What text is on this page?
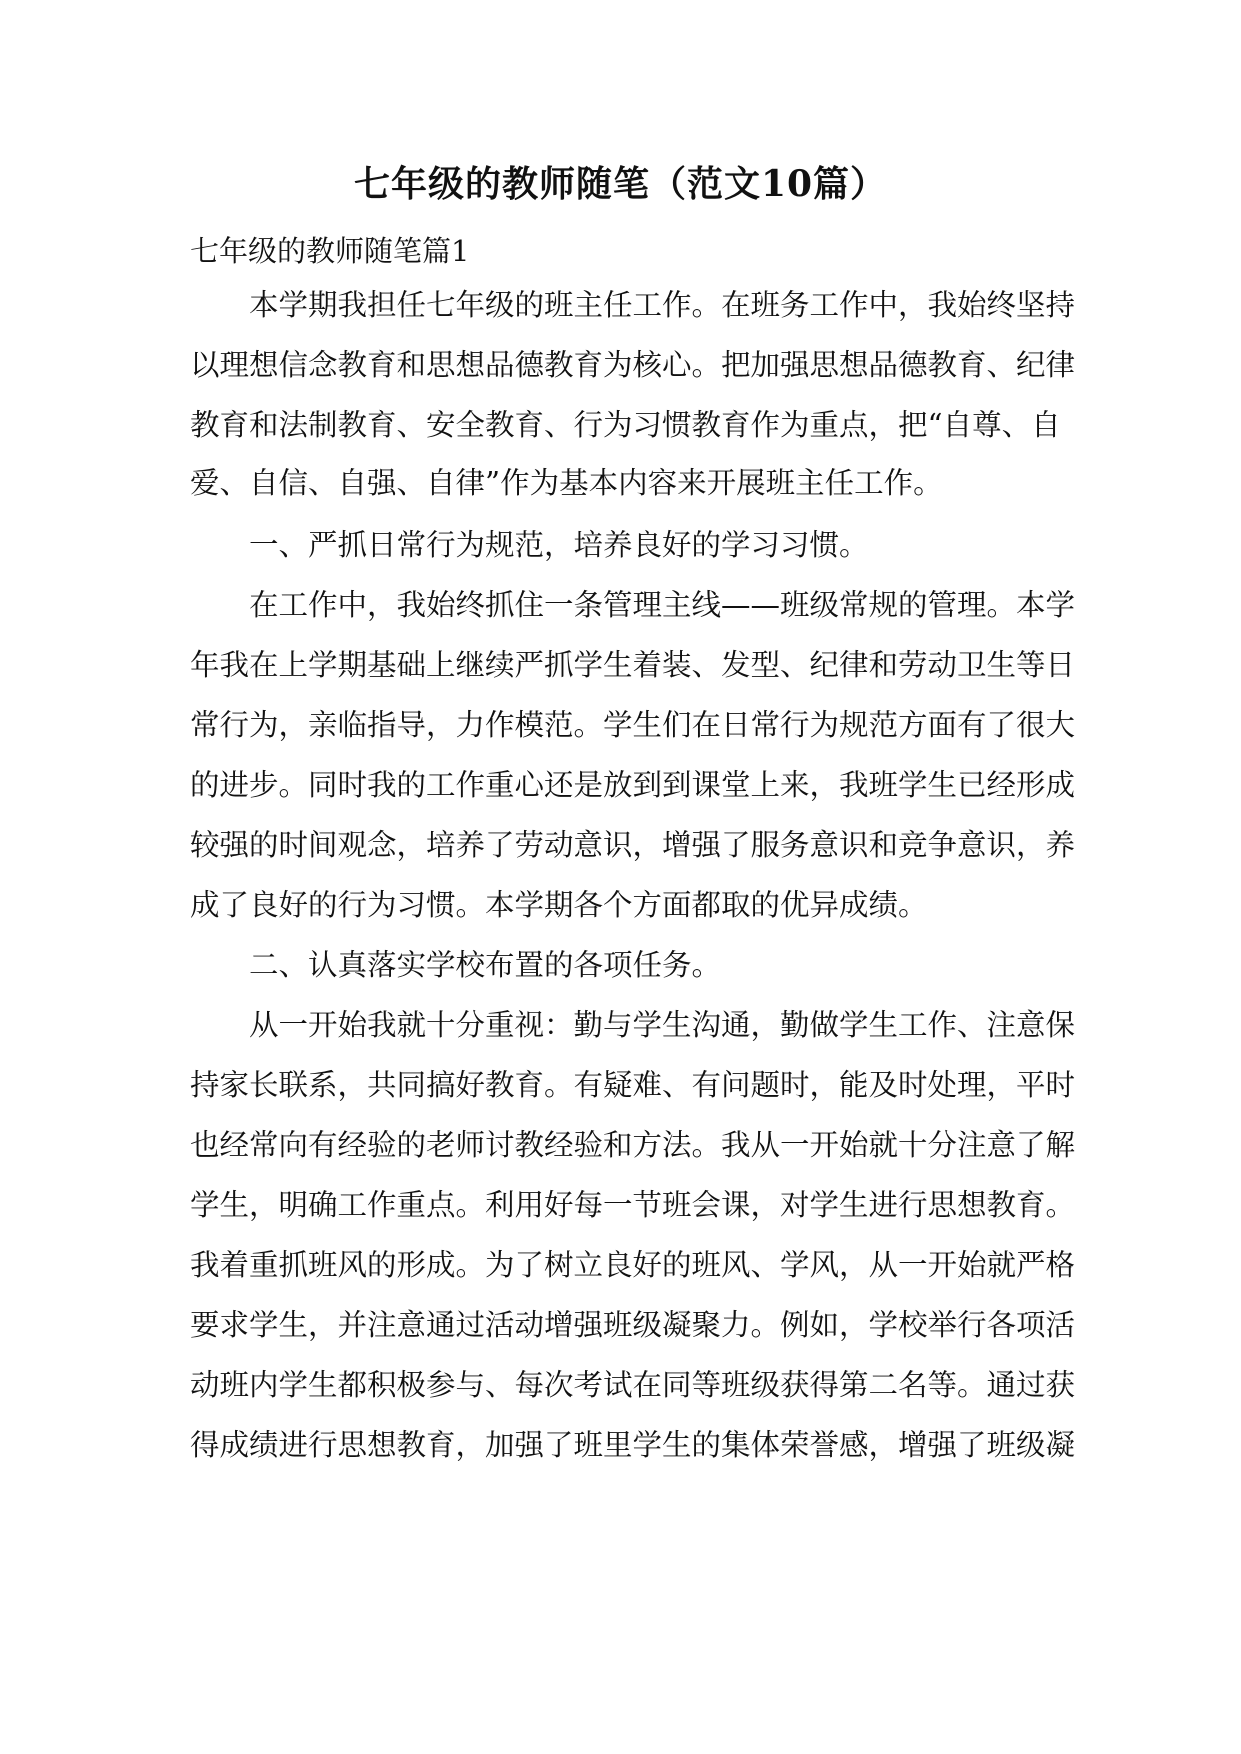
七年级的教师随笔（范文10篇）
七年级的教师随笔篇1
　　本学期我担任七年级的班主任工作。在班务工作中，我始终坚持
以理想信念教育和思想品德教育为核心。把加强思想品德教育、纪律
教育和法制教育、安全教育、行为习惯教育作为重点，把“自尊、自
爱、自信、自强、自律”作为基本内容来开展班主任工作。
　　一、严抓日常行为规范，培养良好的学习习惯。
　　在工作中，我始终抓住一条管理主线——班级常规的管理。本学
年我在上学期基础上继续严抓学生着装、发型、纪律和劳动卫生等日
常行为，亲临指导，力作模范。学生们在日常行为规范方面有了很大
的进步。同时我的工作重心还是放到到课堂上来，我班学生已经形成
较强的时间观念，培养了劳动意识，增强了服务意识和竞争意识，养
成了良好的行为习惯。本学期各个方面都取的优异成绩。
　　二、认真落实学校布置的各项任务。
　　从一开始我就十分重视：勤与学生沟通，勤做学生工作、注意保
持家长联系，共同搞好教育。有疑难、有问题时，能及时处理，平时
也经常向有经验的老师讨教经验和方法。我从一开始就十分注意了解
学生，明确工作重点。利用好每一节班会课，对学生进行思想教育。
我着重抓班风的形成。为了树立良好的班风、学风，从一开始就严格
要求学生，并注意通过活动增强班级凝聚力。例如，学校举行各项活
动班内学生都积极参与、每次考试在同等班级获得第二名等。通过获
得成绩进行思想教育，加强了班里学生的集体荣誉感，增强了班级凝
